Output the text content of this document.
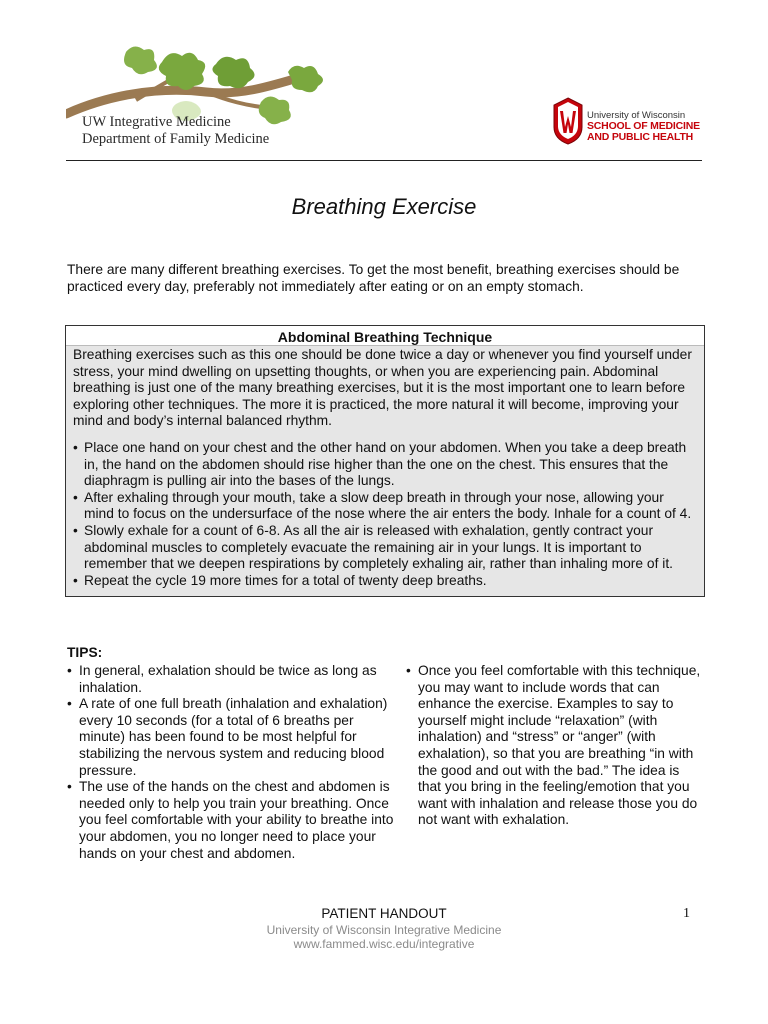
UW Integrative Medicine
Department of Family Medicine
University of Wisconsin
SCHOOL OF MEDICINE
AND PUBLIC HEALTH
Breathing Exercise
There are many different breathing exercises. To get the most benefit, breathing exercises should be practiced every day, preferably not immediately after eating or on an empty stomach.
Abdominal Breathing Technique

Breathing exercises such as this one should be done twice a day or whenever you find yourself under stress, your mind dwelling on upsetting thoughts, or when you are experiencing pain. Abdominal breathing is just one of the many breathing exercises, but it is the most important one to learn before exploring other techniques. The more it is practiced, the more natural it will become, improving your mind and body’s internal balanced rhythm.

• Place one hand on your chest and the other hand on your abdomen. When you take a deep breath in, the hand on the abdomen should rise higher than the one on the chest. This ensures that the diaphragm is pulling air into the bases of the lungs.
• After exhaling through your mouth, take a slow deep breath in through your nose, allowing your mind to focus on the undersurface of the nose where the air enters the body. Inhale for a count of 4.
• Slowly exhale for a count of 6-8. As all the air is released with exhalation, gently contract your abdominal muscles to completely evacuate the remaining air in your lungs. It is important to remember that we deepen respirations by completely exhaling air, rather than inhaling more of it.
• Repeat the cycle 19 more times for a total of twenty deep breaths.
TIPS:
• In general, exhalation should be twice as long as inhalation.
• A rate of one full breath (inhalation and exhalation) every 10 seconds (for a total of 6 breaths per minute) has been found to be most helpful for stabilizing the nervous system and reducing blood pressure.
• The use of the hands on the chest and abdomen is needed only to help you train your breathing. Once you feel comfortable with your ability to breathe into your abdomen, you no longer need to place your hands on your chest and abdomen.
• Once you feel comfortable with this technique, you may want to include words that can enhance the exercise. Examples to say to yourself might include “relaxation” (with inhalation) and “stress” or “anger” (with exhalation), so that you are breathing “in with the good and out with the bad.” The idea is that you bring in the feeling/emotion that you want with inhalation and release those you do not want with exhalation.
PATIENT HANDOUT
University of Wisconsin Integrative Medicine
www.fammed.wisc.edu/integrative
1
